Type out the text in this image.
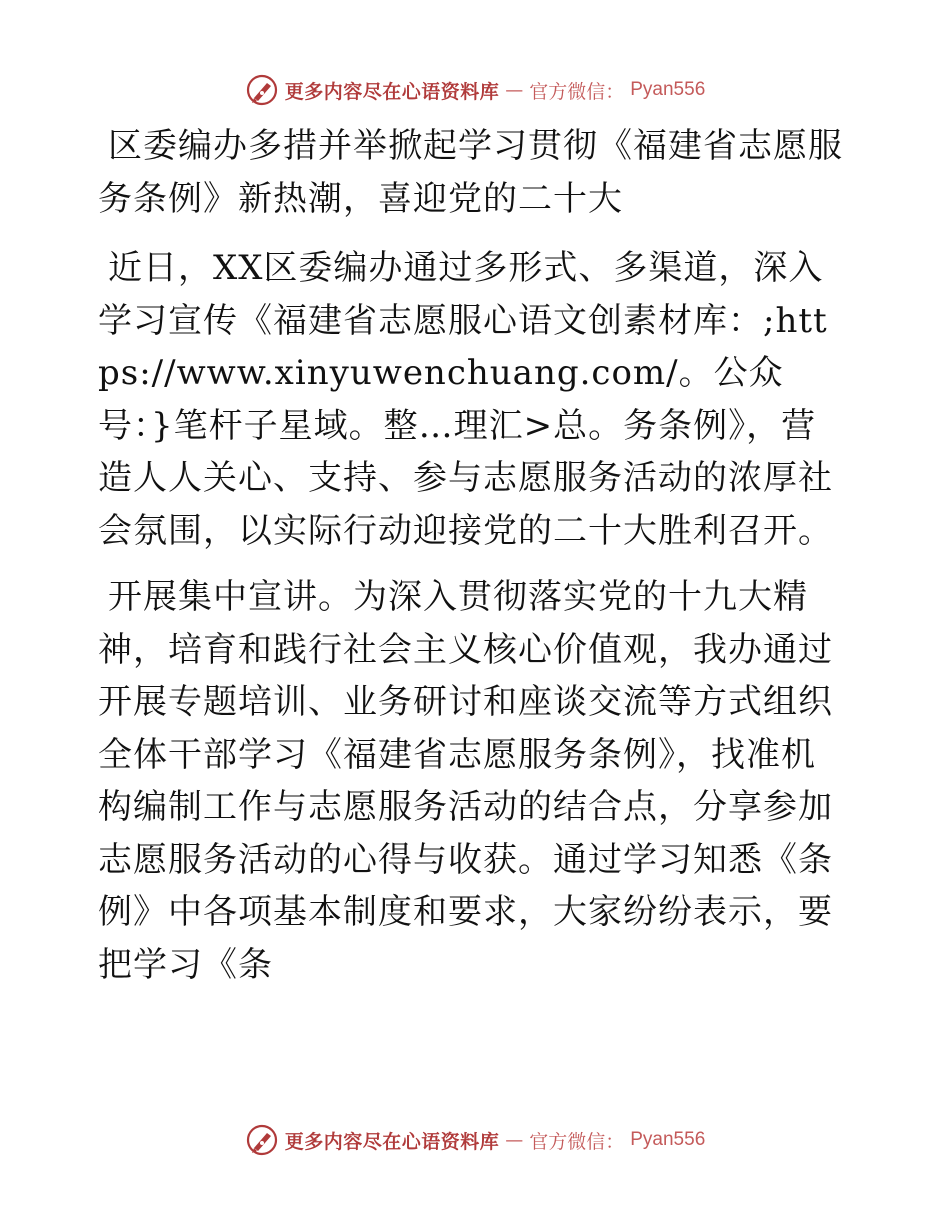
更多内容尽在心语资料库 — 官方微信： Pyan556
区委编办多措并举掀起学习贯彻《福建省志愿服务条例》新热潮，喜迎党的二十大

近日，XX区委编办通过多形式、多渠道，深入学习宣传《福建省志愿服心语文创素材库：;https://www.xinyuwenchuang.com/。公众号：}笔杆子星域。整…理汇>总。务条例》，营造人人关心、支持、参与志愿服务活动的浓厚社会氛围，以实际行动迎接党的二十大胜利召开。

开展集中宣讲。为深入贯彻落实党的十九大精神，培育和践行社会主义核心价值观，我办通过开展专题培训、业务研讨和座谈交流等方式组织全体干部学习《福建省志愿服务条例》，找准机构编制工作与志愿服务活动的结合点，分享参加志愿服务活动的心得与收获。通过学习知悉《条例》中各项基本制度和要求，大家纷纷表示，要把学习《条

更多内容尽在心语资料库 — 官方微信： Pyan556
